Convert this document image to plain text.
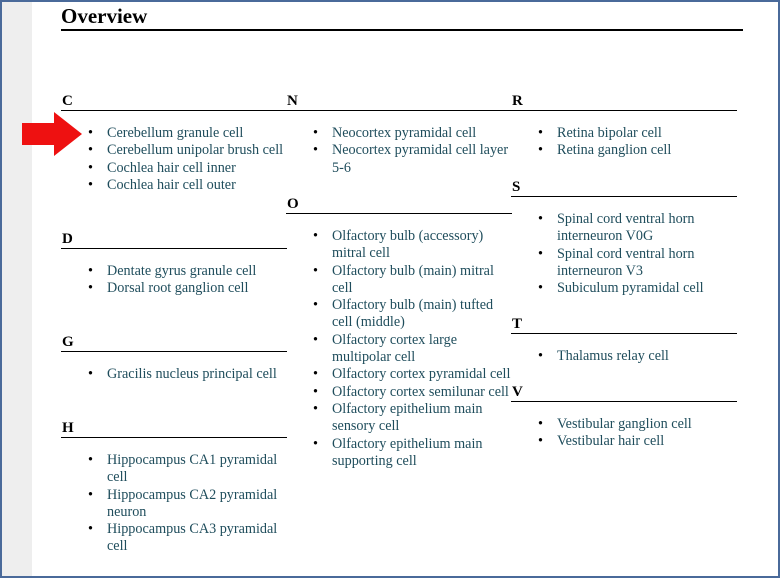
Overview
C
• Cerebellum granule cell
• Cerebellum unipolar brush cell
• Cochlea hair cell inner
• Cochlea hair cell outer
D
• Dentate gyrus granule cell
• Dorsal root ganglion cell
G
• Gracilis nucleus principal cell
H
• Hippocampus CA1 pyramidal cell
• Hippocampus CA2 pyramidal neuron
• Hippocampus CA3 pyramidal cell
N
• Neocortex pyramidal cell
• Neocortex pyramidal cell layer 5-6
O
• Olfactory bulb (accessory) mitral cell
• Olfactory bulb (main) mitral cell
• Olfactory bulb (main) tufted cell (middle)
• Olfactory cortex large multipolar cell
• Olfactory cortex pyramidal cell
• Olfactory cortex semilunar cell
• Olfactory epithelium main sensory cell
• Olfactory epithelium main supporting cell
R
• Retina bipolar cell
• Retina ganglion cell
S
• Spinal cord ventral horn interneuron V0G
• Spinal cord ventral horn interneuron V3
• Subiculum pyramidal cell
T
• Thalamus relay cell
V
• Vestibular ganglion cell
• Vestibular hair cell
